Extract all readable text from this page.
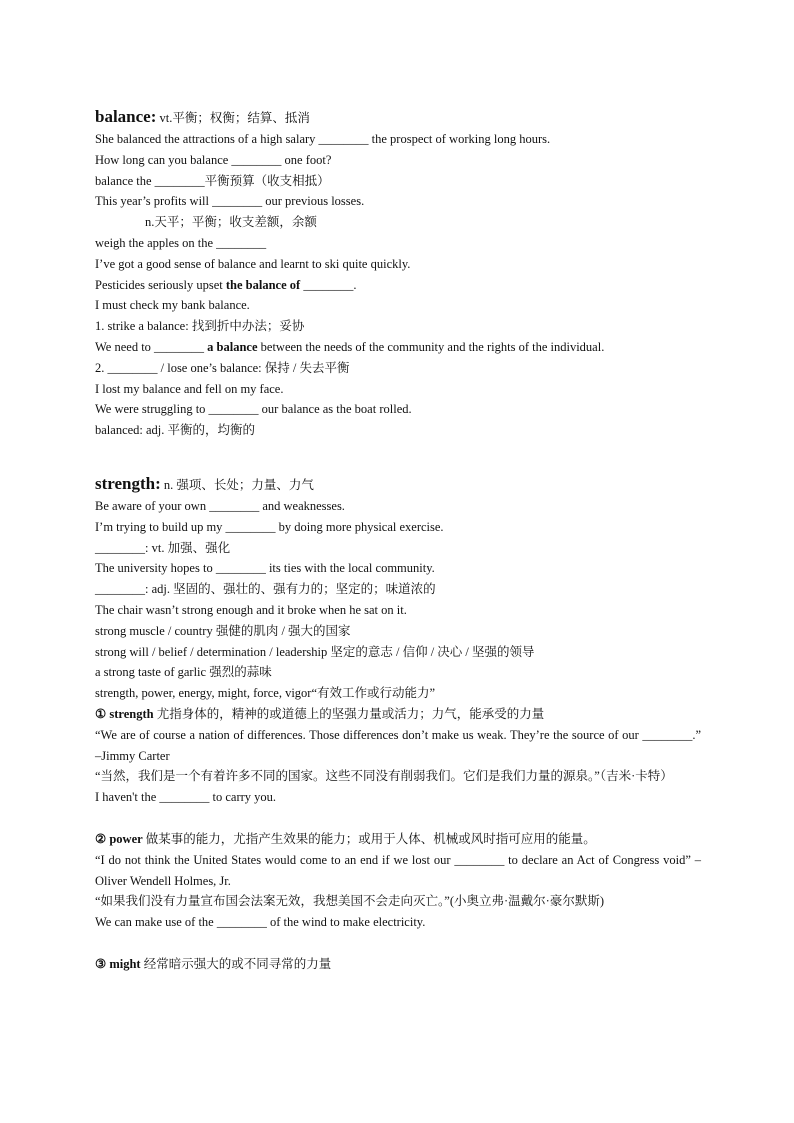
balance: vt.平衡；权衡；结算、抵消
She balanced the attractions of a high salary ________ the prospect of working long hours.
How long can you balance ________ one foot?
balance the ________平衡预算（收支相抵）
This year’s profits will ________ our previous losses.
n.天平；平衡；收支差额，余额
weigh the apples on the ________
I’ve got a good sense of balance and learnt to ski quite quickly.
Pesticides seriously upset the balance of ________.
I must check my bank balance.
1. strike a balance: 找到折中办法；妥协
We need to ________ a balance between the needs of the community and the rights of the individual.
2. ________ / lose one’s balance: 保持 / 失去平衡
I lost my balance and fell on my face.
We were struggling to ________ our balance as the boat rolled.
balanced: adj. 平衡的，均衡的
strength: n. 强项、长处；力量、力气
Be aware of your own ________ and weaknesses.
I’m trying to build up my ________ by doing more physical exercise.
________: vt. 加强、强化
The university hopes to ________ its ties with the local community.
________: adj. 坚固的、强壮的、强有力的；坚定的；味道浓的
The chair wasn’t strong enough and it broke when he sat on it.
strong muscle / country 强健的肌肉 / 强大的国家
strong will / belief / determination / leadership 坚定的意志 / 信仰 / 决心 / 坚强的领导
a strong taste of garlic 强烈的蒜味
strength, power, energy, might, force, vigor“有效工作或行动能力”
① strength 尤指身体的，精神的或道德上的坚强力量或活力；力气，能承受的力量
“We are of course a nation of differences. Those differences don’t make us weak. They’re the source of our ________.” –Jimmy Carter
“当然，我们是一个有着许多不同的国家。这些不同没有削弱我们。它们是我们力量的源泉。”（吉米·卡特）
I haven't the ________ to carry you.
② power 做某事的能力，尤指产生效果的能力；或用于人体、机械或风时指可应用的能量。
“I do not think the United States would come to an end if we lost our ________ to declare an Act of Congress void” –Oliver Wendell Holmes, Jr.
“如果我们没有力量宣布国会法案无效，我想美国不会走向灭亡。”(小奥立弗·温戴尔·豪尔默斯)
We can make use of the ________ of the wind to make electricity.
③ might 经常暗示强大的或不同寻常的力量
